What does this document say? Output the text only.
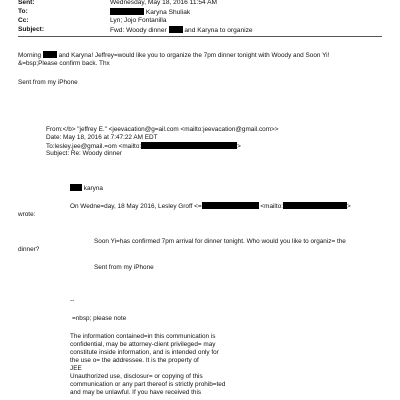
Sent:	Wednesday, May 18, 2016 11:54 AM
To:	Karyna Shuliak
Cc:	Lyn; Jojo Fontanilla
Subject:	Fwd: Woody dinner	and Karyna to organize
Morning	and Karyna! Jeffrey=would like you to organize the 7pm dinner tonight with Woody and Soon Yi!
&=bsp;Please confirm back. Thx
Sent from my iPhone
From:</b> "jeffrey E." <jeevacation@g=ail.com <mailto:jeevacation@gmail.com>>
Date: May 18, 2016 at 7:47:22 AM EDT
To:lesley.jee@gmail.=om <mailto:	>
Subject: Re: Woody dinner
karyna
On Wedne=day, 18 May 2016, Lesley Groff <=	<mailto:	>
wrote:
Soon Yi=has confirmed 7pm arrival for dinner tonight. Who would you like to organiz= the
dinner?
Sent from my iPhone
--
=nbsp; please note
The information contained=in this communication is
confidential, may be attorney-client privileged= may
constitute inside information, and is intended only for
the use o= the addressee. It is the property of
JEE
Unauthorized use, disclosur= or copying of this
communication or any part thereof is strictly prohib=ted
and may be unlawful. If you have received this
